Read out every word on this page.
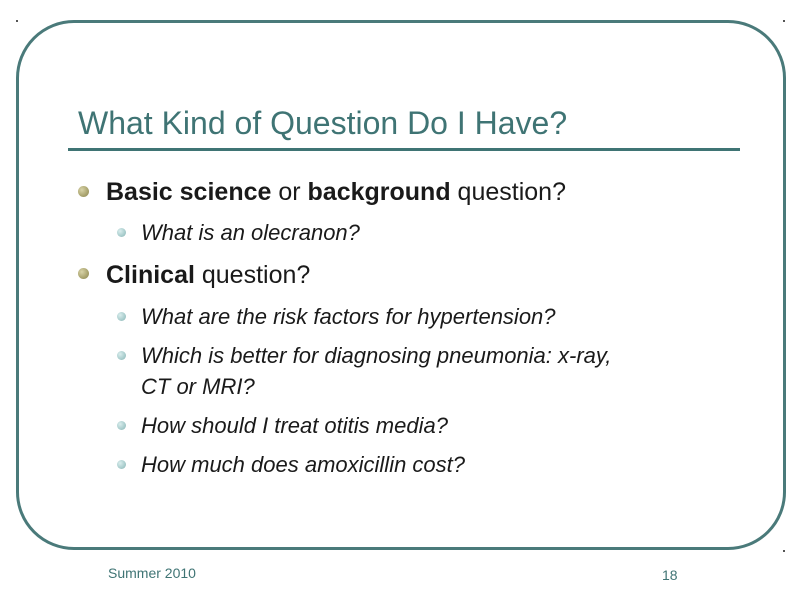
What Kind of Question Do I Have?
Basic science or background question?
What is an olecranon?
Clinical question?
What are the risk factors for hypertension?
Which is better for diagnosing pneumonia: x-ray,
CT or MRI?
How should I treat otitis media?
How much does amoxicillin cost?
Summer 2010	18
